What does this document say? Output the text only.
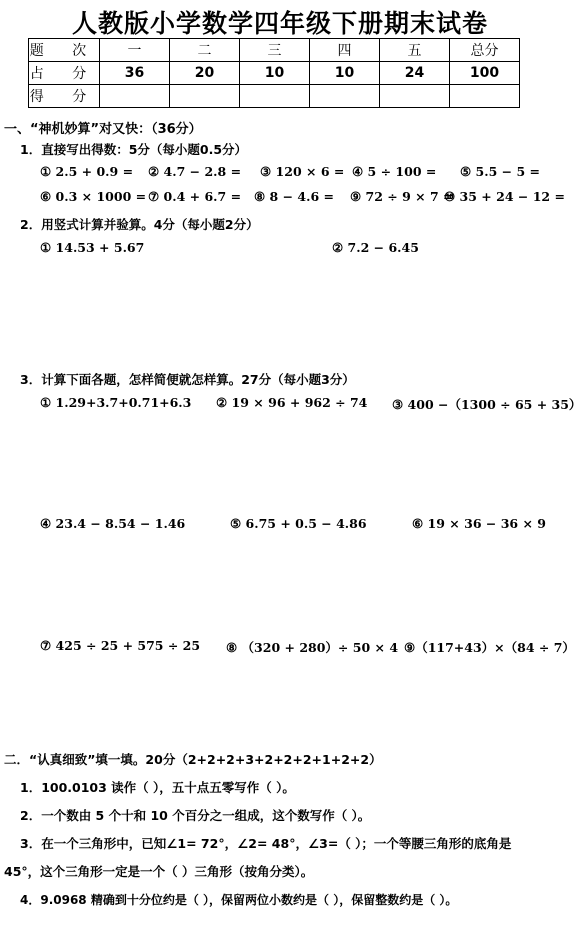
人教版小学数学四年级下册期末试卷
题 次	一	二	三	四	五	总分
占 分	36	20	10	10	24	100
得 分						
一、“神机妙算”对又快：（36分）
1．直接写出得数：5分（每小题0.5分）
① 2.5 + 0.9 = ② 4.7 − 2.8 = ③ 120 × 6 = ④ 5 ÷ 100 = ⑤ 5.5 − 5 =
⑥ 0.3 × 1000 = ⑦ 0.4 + 6.7 = ⑧ 8 − 4.6 = ⑨ 72 ÷ 9 × 7 =
⑩ 35 + 24 − 12 =
2．用竖式计算并验算。4分（每小题2分）
① 14.53 + 5.67	② 7.2 − 6.45
3．计算下面各题，怎样简便就怎样算。27分（每小题3分）
① 1.29+3.7+0.71+6.3 ② 19 × 96 + 962 ÷ 74 ③ 400 −（1300 ÷ 65 + 35）
④ 23.4 − 8.54 − 1.46	⑤ 6.75 + 0.5 − 4.86	⑥ 19 × 36 − 36 × 9
⑦ 425 ÷ 25 + 575 ÷ 25 ⑧ （320 + 280）÷ 50 × 4 ⑨（117+43）×（84 ÷ 7）
二．“认真细致”填一填。20分（2+2+2+3+2+2+2+1+2+2）
1．100.0103 读作（ ），五十点五零写作（ ）。
2．一个数由 5 个十和 10 个百分之一组成，这个数写作（ ）。
3．在一个三角形中，已知∠1= 72°，∠2= 48°，∠3=（ ）；一个等腰三角形的底角是
45°，这个三角形一定是一个（ ）三角形（按角分类）。
4．9.0968 精确到十分位约是（ ），保留两位小数约是（ ），保留整数约是（ ）。
